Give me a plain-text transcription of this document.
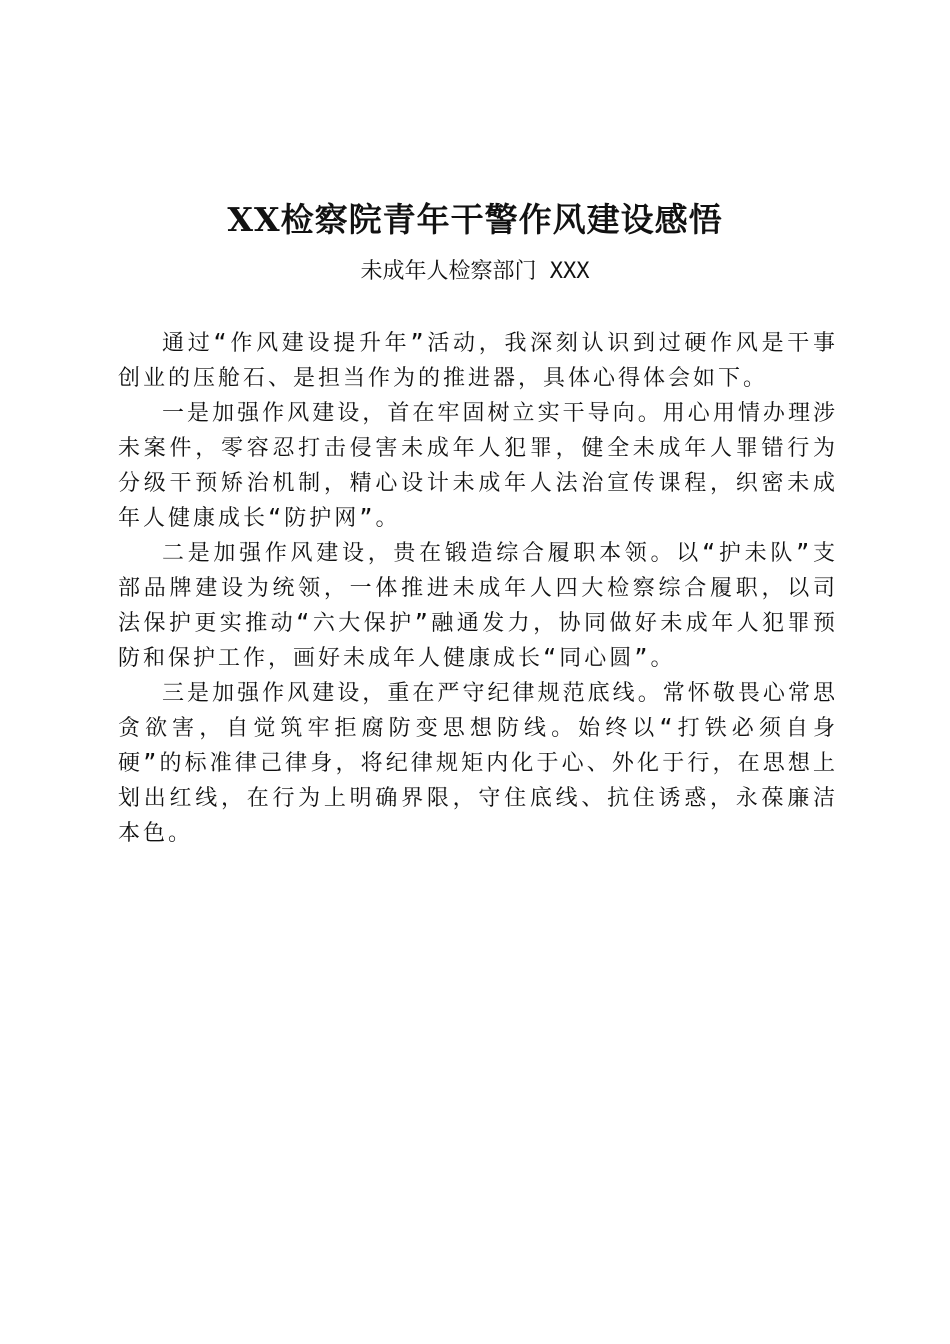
XX检察院青年干警作风建设感悟
未成年人检察部门 XXX

通过“作风建设提升年”活动，我深刻认识到过硬作风是干事创业的压舱石、是担当作为的推进器，具体心得体会如下。

一是加强作风建设，首在牢固树立实干导向。用心用情办理涉未案件，零容忍打击侵害未成年人犯罪，健全未成年人罪错行为分级干预矫治机制，精心设计未成年人法治宣传课程，织密未成年人健康成长“防护网”。

二是加强作风建设，贵在锻造综合履职本领。以“护未队”支部品牌建设为统领，一体推进未成年人四大检察综合履职，以司法保护更实推动“六大保护”融通发力，协同做好未成年人犯罪预防和保护工作，画好未成年人健康成长“同心圆”。

三是加强作风建设，重在严守纪律规范底线。常怀敬畏心常思贪欲害，自觉筑牢拒腐防变思想防线。始终以“打铁必须自身硬”的标准律己律身，将纪律规矩内化于心、外化于行，在思想上划出红线，在行为上明确界限，守住底线、抗住诱惑，永葆廉洁本色。
